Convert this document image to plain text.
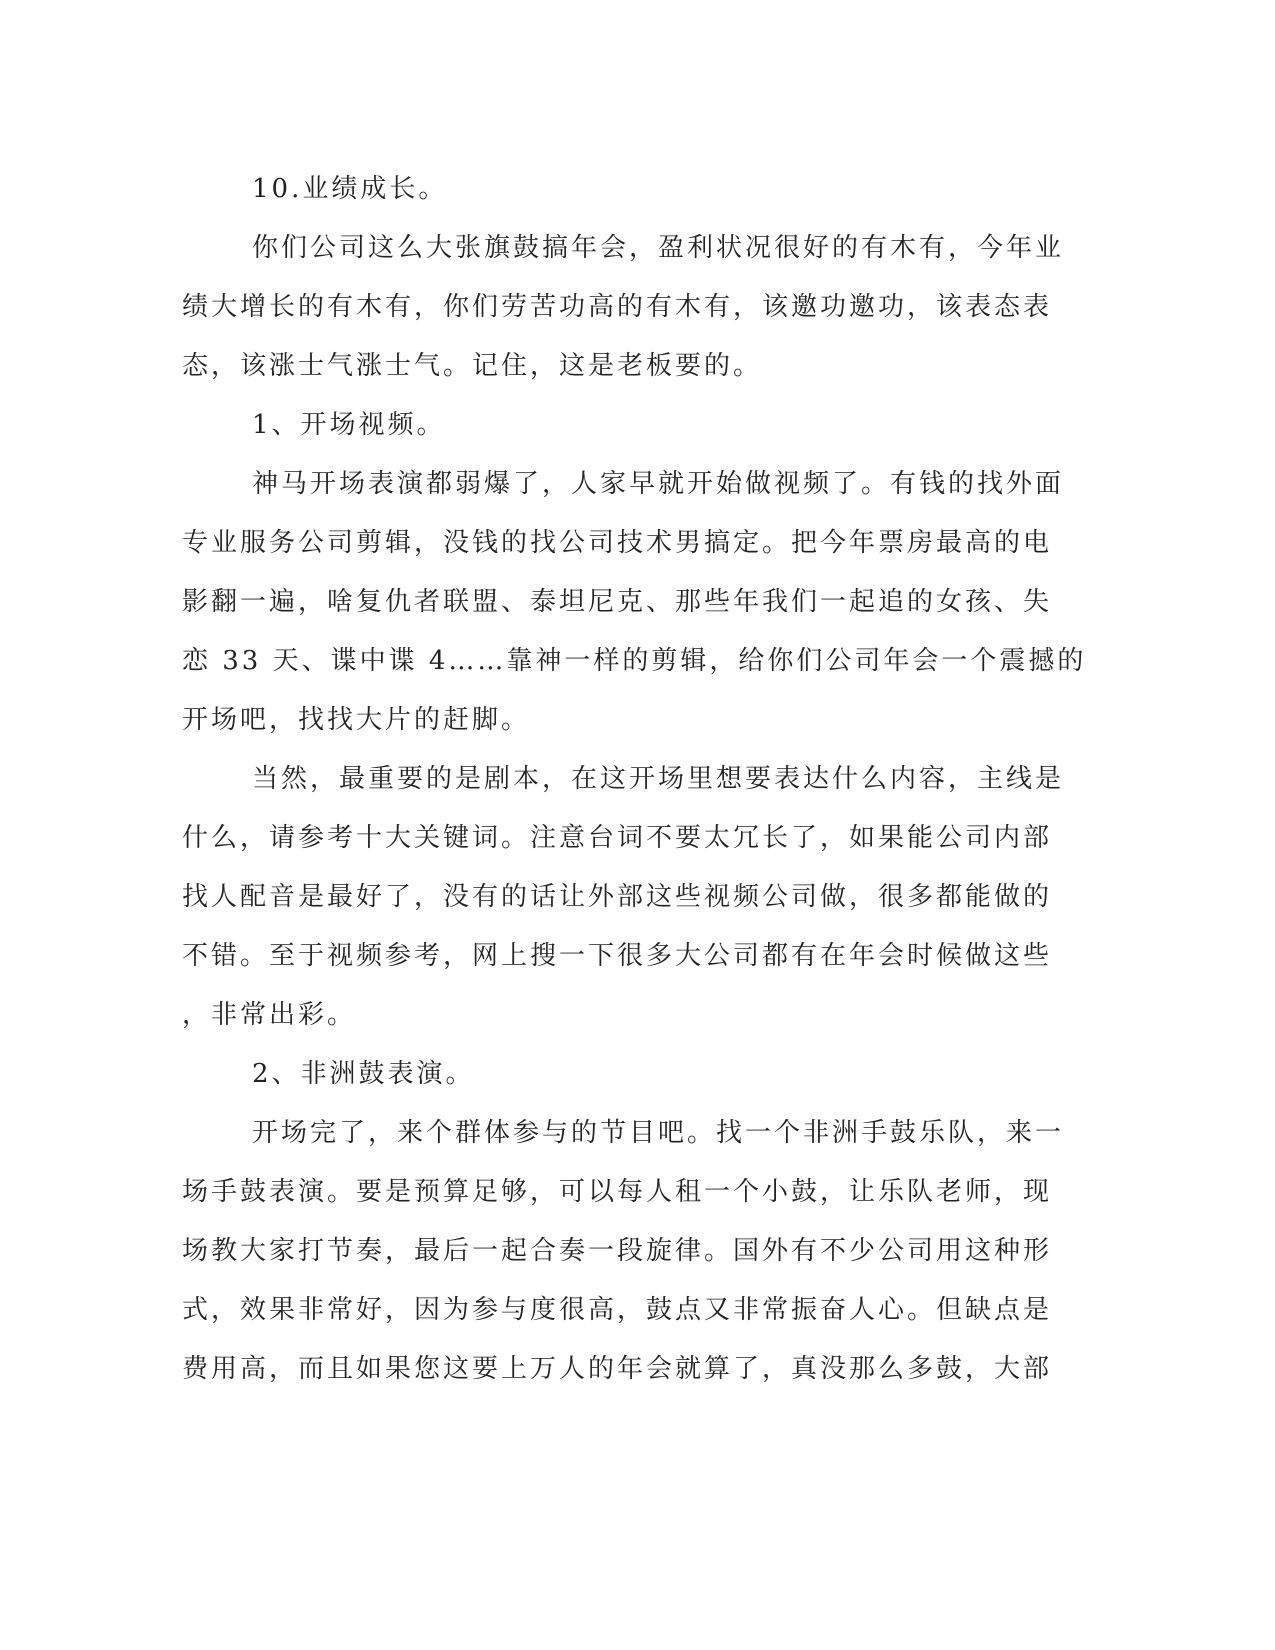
10.业绩成长。
你们公司这么大张旗鼓搞年会，盈利状况很好的有木有，今年业
绩大增长的有木有，你们劳苦功高的有木有，该邀功邀功，该表态表
态，该涨士气涨士气。记住，这是老板要的。
1、开场视频。
神马开场表演都弱爆了，人家早就开始做视频了。有钱的找外面
专业服务公司剪辑，没钱的找公司技术男搞定。把今年票房最高的电
影翻一遍，啥复仇者联盟、泰坦尼克、那些年我们一起追的女孩、失
恋 33 天、谍中谍 4……靠神一样的剪辑，给你们公司年会一个震撼的
开场吧，找找大片的赶脚。
当然，最重要的是剧本，在这开场里想要表达什么内容，主线是
什么，请参考十大关键词。注意台词不要太冗长了，如果能公司内部
找人配音是最好了，没有的话让外部这些视频公司做，很多都能做的
不错。至于视频参考，网上搜一下很多大公司都有在年会时候做这些
，非常出彩。
2、非洲鼓表演。
开场完了，来个群体参与的节目吧。找一个非洲手鼓乐队，来一
场手鼓表演。要是预算足够，可以每人租一个小鼓，让乐队老师，现
场教大家打节奏，最后一起合奏一段旋律。国外有不少公司用这种形
式，效果非常好，因为参与度很高，鼓点又非常振奋人心。但缺点是
费用高，而且如果您这要上万人的年会就算了，真没那么多鼓，大部
